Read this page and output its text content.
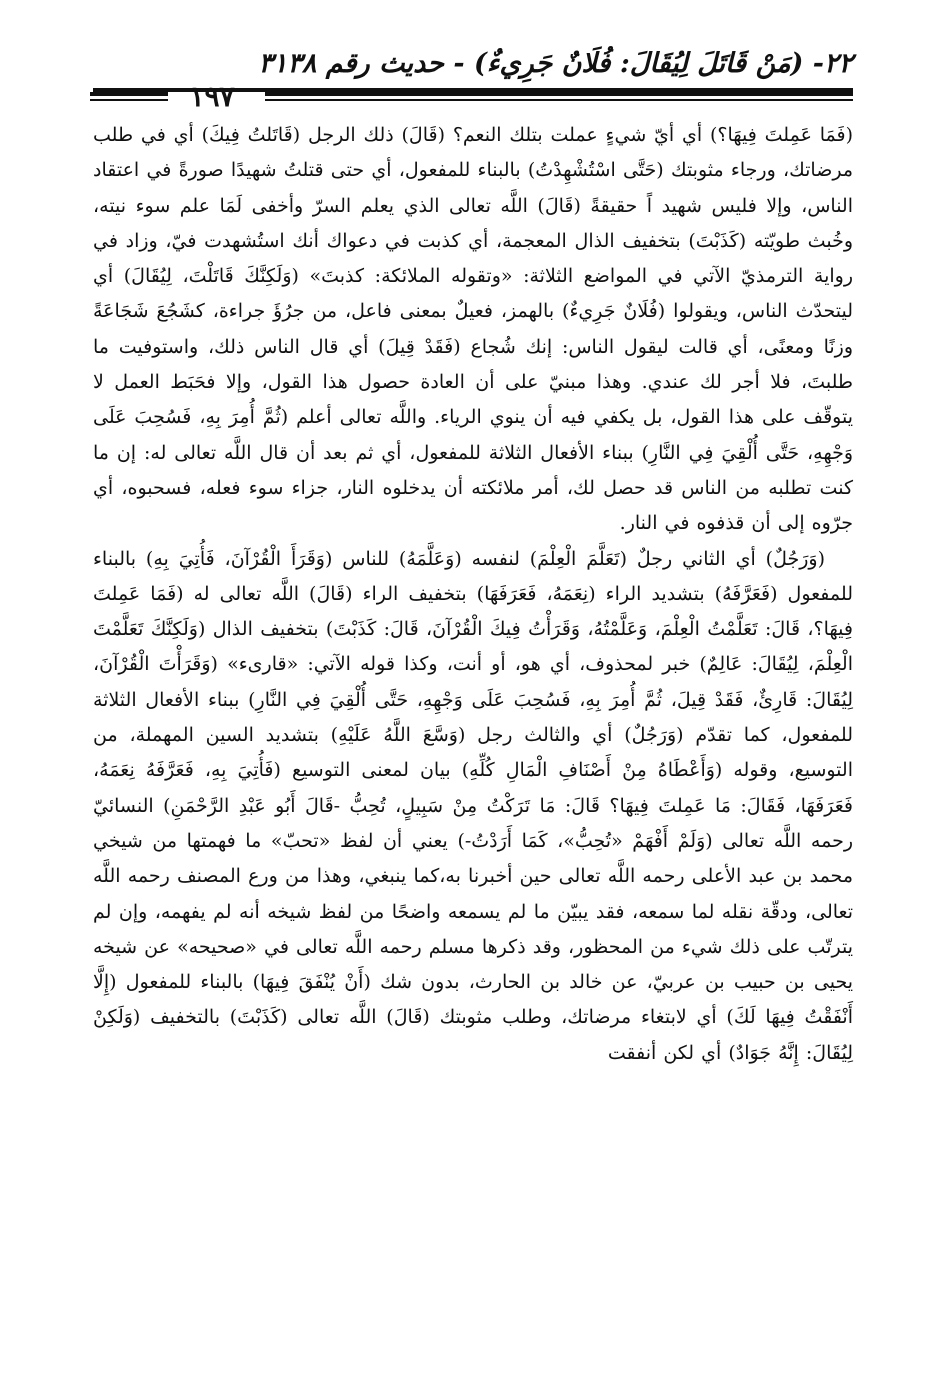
٢٢- (مَنْ قَاتَلَ لِيُقَالَ: فُلَانٌ جَرِيءٌ) - حديث رقم ٣١٣٨
١٩٧

(فَمَا عَمِلتَ فِيهَا؟) أي أيّ شيءٍ عملت بتلك النعم؟ (قَالَ) ذلك الرجل (قَاتَلتُ فِيكَ) أي في طلب مرضاتك، ورجاء مثوبتك (حَتَّى اسْتُشْهِدْتُ) بالبناء للمفعول، أي حتى قتلتُ شهيدًا صورةً في اعتقاد الناس، وإلا فليس شهيد اً حقيقةً (قَالَ) اللَّه تعالى الذي يعلم السرّ وأخفى لَمَا علم سوء نيته، وخُبث طويّته (كَذَبْتَ) بتخفيف الذال المعجمة، أي كذبت في دعواك أنك استُشهدت فيّ، وزاد في رواية الترمذيّ الآتي في المواضع الثلاثة: «وتقوله الملائكة: كذبتَ» (وَلَكِنَّكَ قَاتَلْتَ، لِيُقَالَ) أي ليتحدّث الناس، ويقولوا (فُلَانٌ جَرِيءٌ) بالهمز، فعيلٌ بمعنى فاعل، من جرُؤَ جراءة، كشَجُعَ شَجَاعَةً وزنًا ومعنًى، أي قالت ليقول الناس: إنك شُجاع (فَقَدْ قِيلَ) أي قال الناس ذلك، واستوفيت ما طلبتَ، فلا أجر لك عندي. وهذا مبنيّ على أن العادة حصول هذا القول، وإلا فحَبَط العمل لا يتوقّف على هذا القول، بل يكفي فيه أن ينوي الرياء. واللَّه تعالى أعلم (ثُمَّ أُمِرَ بِهِ، فَسُحِبَ عَلَى وَجْهِهِ، حَتَّى أُلْقِيَ فِي النَّارِ) ببناء الأفعال الثلاثة للمفعول، أي ثم بعد أن قال اللَّه تعالى له: إن ما كنت تطلبه من الناس قد حصل لك، أمر ملائكته أن يدخلوه النار، جزاء سوء فعله، فسحبوه، أي جرّوه إلى أن قذفوه في النار.

(وَرَجُلٌ) أي الثاني رجلٌ (تَعَلَّمَ الْعِلْمَ) لنفسه (وَعَلَّمَهُ) للناس (وَقَرَأَ الْقُرْآنَ، فَأُتِيَ بِهِ) بالبناء للمفعول (فَعَرَّفَهُ) بتشديد الراء (نِعَمَهُ، فَعَرَفَهَا) بتخفيف الراء (قَالَ) اللَّه تعالى له (فَمَا عَمِلتَ فِيهَا؟، قَالَ: تَعَلَّمْتُ الْعِلْمَ، وَعَلَّمْتُهُ، وَقَرَأْتُ فِيكَ الْقُرْآنَ، قَالَ: كَذَبْتَ) بتخفيف الذال (وَلَكِنَّكَ تَعَلَّمْتَ الْعِلْمَ، لِيُقَالَ: عَالِمٌ) خبر لمحذوف، أي هو، أو أنت، وكذا قوله الآتي: «قارىء» (وَقَرَأْتَ الْقُرْآنَ، لِيُقَالَ: قَارِئٌ، فَقَدْ قِيلَ، ثُمَّ أُمِرَ بِهِ، فَسُحِبَ عَلَى وَجْهِهِ، حَتَّى أُلْقِيَ فِي النَّارِ) ببناء الأفعال الثلاثة للمفعول، كما تقدّم (وَرَجُلٌ) أي والثالث رجل (وَسَّعَ اللَّهُ عَلَيْهِ) بتشديد السين المهملة، من التوسيع، وقوله (وَأَعْطَاهُ مِنْ أَصْنَافِ الْمَالِ كُلِّهِ) بيان لمعنى التوسيع (فَأُتِيَ بِهِ، فَعَرَّفَهُ نِعَمَهُ، فَعَرَفَهَا، فَقَالَ: مَا عَمِلتَ فِيهَا؟ قَالَ: مَا تَرَكْتُ مِنْ سَبِيلٍ، تُحِبُّ -قَالَ أَبُو عَبْدِ الرَّحْمَنِ) النسائيّ رحمه اللَّه تعالى (وَلَمْ أَفْهَمْ «تُحِبُّ»، كَمَا أَرَدْتُ-) يعني أن لفظ «تحبّ» ما فهمتها من شيخي محمد بن عبد الأعلى رحمه اللَّه تعالى حين أخبرنا به،كما ينبغي، وهذا من ورع المصنف رحمه اللَّه تعالى، ودقّة نقله لما سمعه، فقد يبيّن ما لم يسمعه واضحًا من لفظ شيخه أنه لم يفهمه، وإن لم يترتّب على ذلك شيء من المحظور، وقد ذكرها مسلم رحمه اللَّه تعالى في «صحيحه» عن شيخه يحيى بن حبيب بن عربيّ، عن خالد بن الحارث، بدون شك (أَنْ يُنْفَقَ فِيهَا) بالبناء للمفعول (إِلَّا أَنْفَقْتُ فِيهَا لَكَ) أي لابتغاء مرضاتك، وطلب مثوبتك (قَالَ) اللَّه تعالى (كَذَبْتَ) بالتخفيف (وَلَكِنْ لِيُقَالَ: إِنَّهُ جَوَادٌ) أي لكن أنفقت
